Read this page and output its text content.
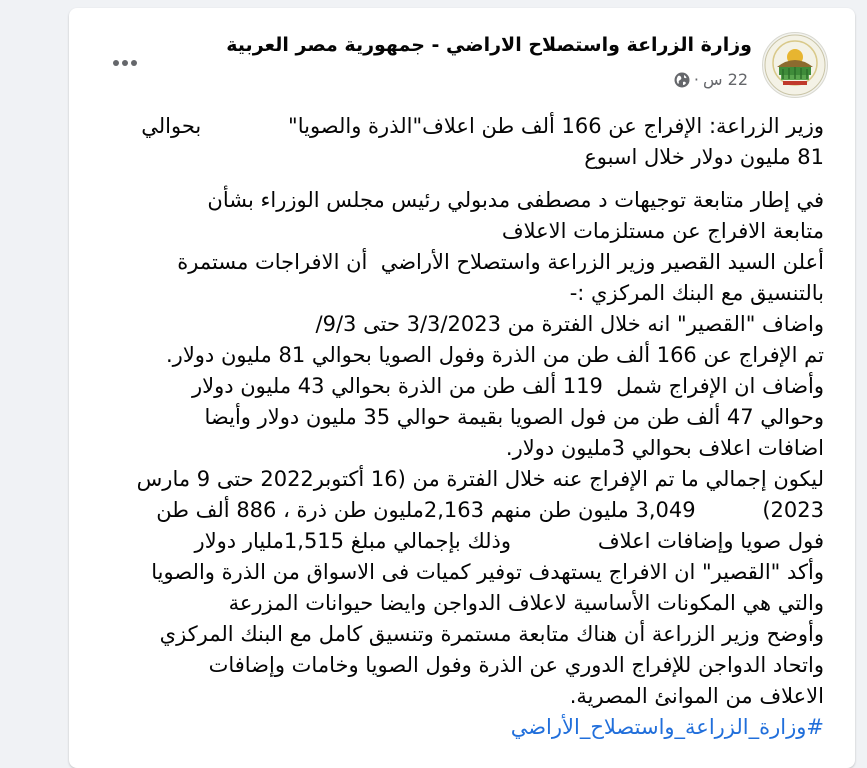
وزارة الزراعة واستصلاح الاراضي - جمهورية مصر العربية
22 س
·

وزير الزراعة: الإفراج عن 166 ألف طن اعلاف"الذرة والصويا"             بحوالي

81 مليون دولار خلال اسبوع

في إطار متابعة توجيهات د مصطفى مدبولي رئيس مجلس الوزراء بشأن

متابعة الافراج عن مستلزمات الاعلاف

أعلن السيد القصير وزير الزراعة واستصلاح الأراضي  أن الافراجات مستمرة

بالتنسيق مع البنك المركزي :-

واضاف "القصير" انه خلال الفترة من 3/3/2023 حتى 9/3/

تم الإفراج عن 166 ألف طن من الذرة وفول الصويا بحوالي 81 مليون دولار.

وأضاف ان الإفراج شمل  119 ألف طن من الذرة بحوالي 43 مليون دولار

وحوالي 47 ألف طن من فول الصويا بقيمة حوالي 35 مليون دولار وأيضا

اضافات اعلاف بحوالي 3مليون دولار.

ليكون إجمالي ما تم الإفراج عنه خلال الفترة من (16 أكتوبر2022 حتى 9 مارس

2023)          3,049 مليون طن منهم 2,163مليون طن ذرة ، 886 ألف طن

فول صويا وإضافات اعلاف             وذلك بإجمالي مبلغ 1,515مليار دولار

وأكد "القصير" ان الافراج يستهدف توفير كميات فى الاسواق من الذرة والصويا

والتي هي المكونات الأساسية لاعلاف الدواجن وايضا حيوانات المزرعة

وأوضح وزير الزراعة أن هناك متابعة مستمرة وتنسيق كامل مع البنك المركزي

واتحاد الدواجن للإفراج الدوري عن الذرة وفول الصويا وخامات وإضافات

الاعلاف من الموانئ المصرية.

#وزارة_الزراعة_واستصلاح_الأراضي
